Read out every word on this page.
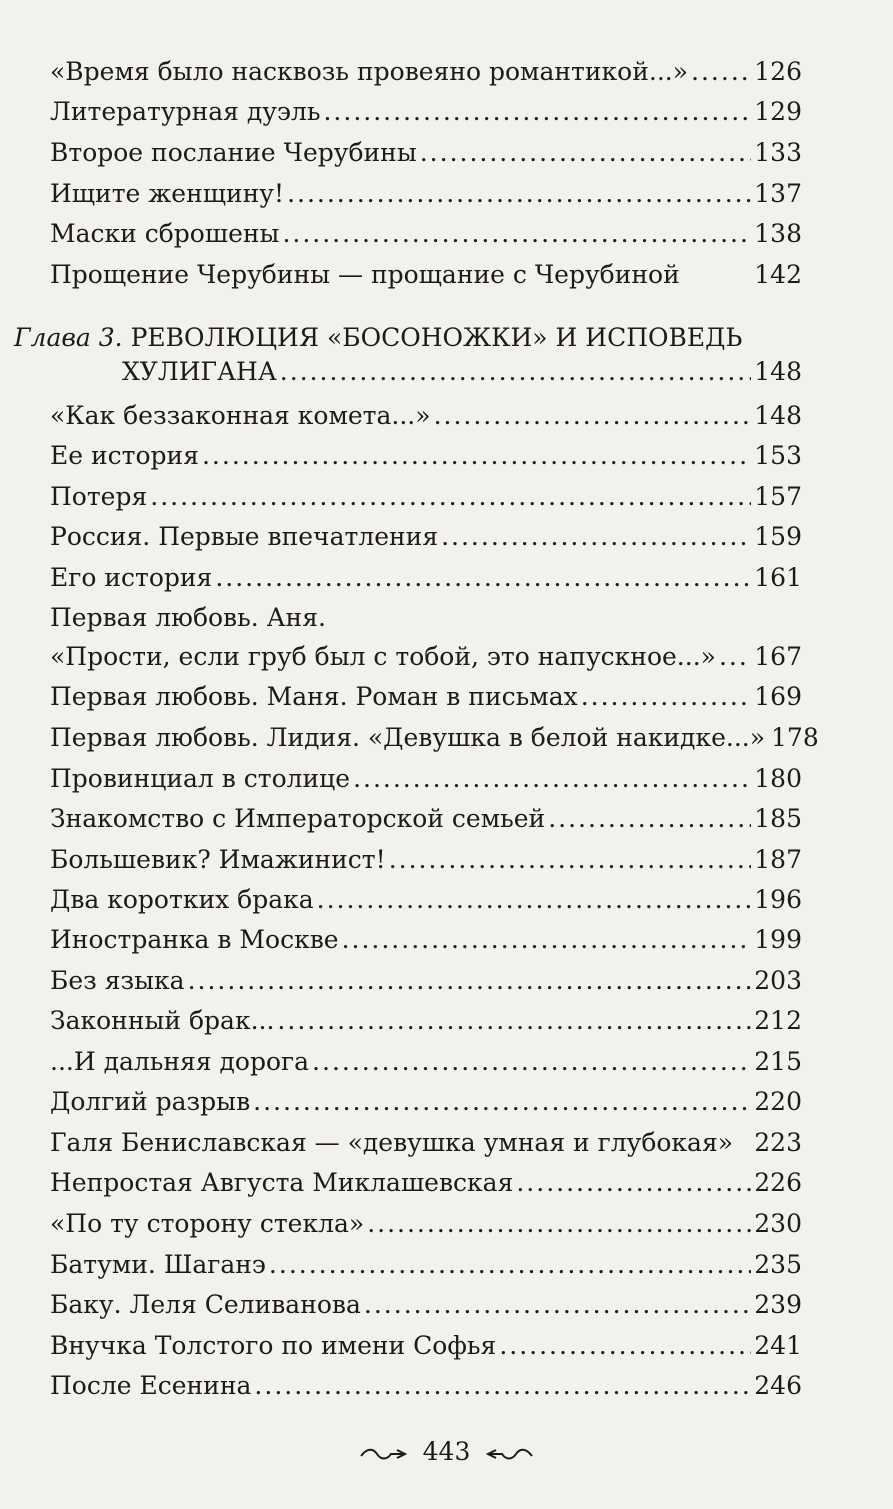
«Время было насквозь провеяно романтикой...» .....	126
Литературная дуэль .....	129
Второе послание Черубины .....	133
Ищите женщину! .....	137
Маски сброшены .....	138
Прощение Черубины — прощание с Черубиной	142
Глава 3. РЕВОЛЮЦИЯ «БОСОНОЖКИ» И ИСПОВЕДЬ
ХУЛИГАНА .....	148
«Как беззаконная комета...» .....	148
Ее история .....	153
Потеря .....	157
Россия. Первые впечатления .....	159
Его история .....	161
Первая любовь. Аня.
«Прости, если груб был с тобой, это напускное...» ..... 167
Первая любовь. Маня. Роман в письмах .....	169
Первая любовь. Лидия. «Девушка в белой накидке...» 178
Провинциал в столице .....	180
Знакомство с Императорской семьей .....	185
Большевик? Имажинист! .....	187
Два коротких брака .....	196
Иностранка в Москве .....	199
Без языка .....	203
Законный брак... .....	212
...И дальняя дорога .....	215
Долгий разрыв .....	220
Галя Бениславская — «девушка умная и глубокая» 223
Непростая Августа Миклашевская .....	226
«По ту сторону стекла» .....	230
Батуми. Шаганэ .....	235
Баку. Леля Селиванова .....	239
Внучка Толстого по имени Софья .....	241
После Есенина .....	246
443
